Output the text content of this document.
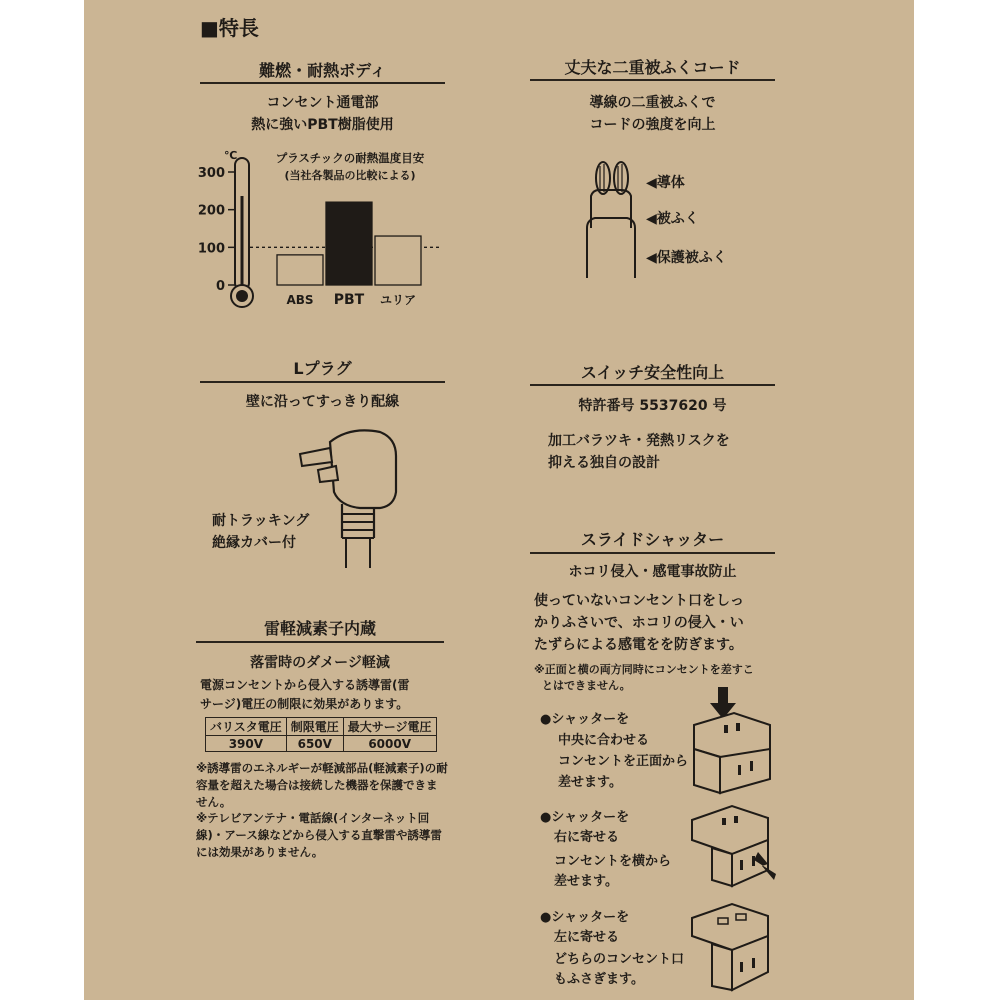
■特長
難燃・耐熱ボディ
コンセント通電部
熱に強いPBT樹脂使用
℃	プラスチックの耐熱温度目安
(当社各製品の比較による)
300
200
100
0
ABS PBT ユリア
丈夫な二重被ふくコード
導線の二重被ふくで
コードの強度を向上
◀導体
◀被ふく
◀保護被ふく
Lプラグ
壁に沿ってすっきり配線
耐トラッキング
絶縁カバー付
スイッチ安全性向上
特許番号 5537620 号
加工バラツキ・発熱リスクを
抑える独自の設計
雷軽減素子内蔵
落雷時のダメージ軽減
電源コンセントから侵入する誘導雷(雷
サージ)電圧の制限に効果があります。
バリスタ電圧	制限電圧	最大サージ電圧
390V	650V	6000V
※誘導雷のエネルギーが軽減部品(軽減素子)の耐容量を超えた場合は接続した機器を保護できません。
※テレビアンテナ・電話線(インターネット回線)・アース線などから侵入する直撃雷や誘導雷には効果がありません。
スライドシャッター
ホコリ侵入・感電事故防止
使っていないコンセント口をしっ
かりふさいで、ホコリの侵入・い
たずらによる感電をを防ぎます。
※正面と横の両方同時にコンセントを差すこ
とはできません。
●シャッターを
中央に合わせる
コンセントを正面から
差せます。
●シャッターを
右に寄せる
コンセントを横から
差せます。
●シャッターを
左に寄せる
どちらのコンセント口
もふさぎます。
